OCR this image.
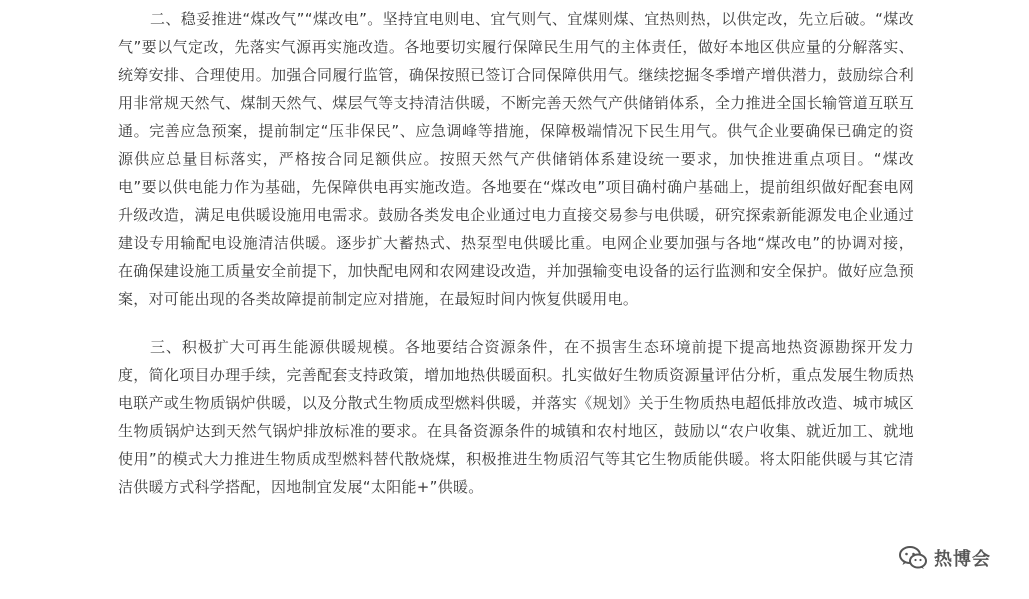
二、稳妥推进“煤改气”“煤改电”。坚持宜电则电、宜气则气、宜煤则煤、宜热则热，以供定改，先立后破。“煤改气”要以气定改，先落实气源再实施改造。各地要切实履行保障民生用气的主体责任，做好本地区供应量的分解落实、统筹安排、合理使用。加强合同履行监管，确保按照已签订合同保障供用气。继续挖掘冬季增产增供潜力，鼓励综合利用非常规天然气、煤制天然气、煤层气等支持清洁供暖，不断完善天然气产供储销体系，全力推进全国长输管道互联互通。完善应急预案，提前制定“压非保民”、应急调峰等措施，保障极端情况下民生用气。供气企业要确保已确定的资源供应总量目标落实，严格按合同足额供应。按照天然气产供储销体系建设统一要求，加快推进重点项目。“煤改电”要以供电能力作为基础，先保障供电再实施改造。各地要在“煤改电”项目确村确户基础上，提前组织做好配套电网升级改造，满足电供暖设施用电需求。鼓励各类发电企业通过电力直接交易参与电供暖，研究探索新能源发电企业通过建设专用输配电设施清洁供暖。逐步扩大蓄热式、热泵型电供暖比重。电网企业要加强与各地“煤改电”的协调对接，在确保建设施工质量安全前提下，加快配电网和农网建设改造，并加强输变电设备的运行监测和安全保护。做好应急预案，对可能出现的各类故障提前制定应对措施，在最短时间内恢复供暖用电。

三、积极扩大可再生能源供暖规模。各地要结合资源条件，在不损害生态环境前提下提高地热资源勘探开发力度，简化项目办理手续，完善配套支持政策，增加地热供暖面积。扎实做好生物质资源量评估分析，重点发展生物质热电联产或生物质锅炉供暖，以及分散式生物质成型燃料供暖，并落实《规划》关于生物质热电超低排放改造、城市城区生物质锅炉达到天然气锅炉排放标准的要求。在具备资源条件的城镇和农村地区，鼓励以“农户收集、就近加工、就地使用”的模式大力推进生物质成型燃料替代散烧煤，积极推进生物质沼气等其它生物质能供暖。将太阳能供暖与其它清洁供暖方式科学搭配，因地制宜发展“太阳能+”供暖。

热博会
